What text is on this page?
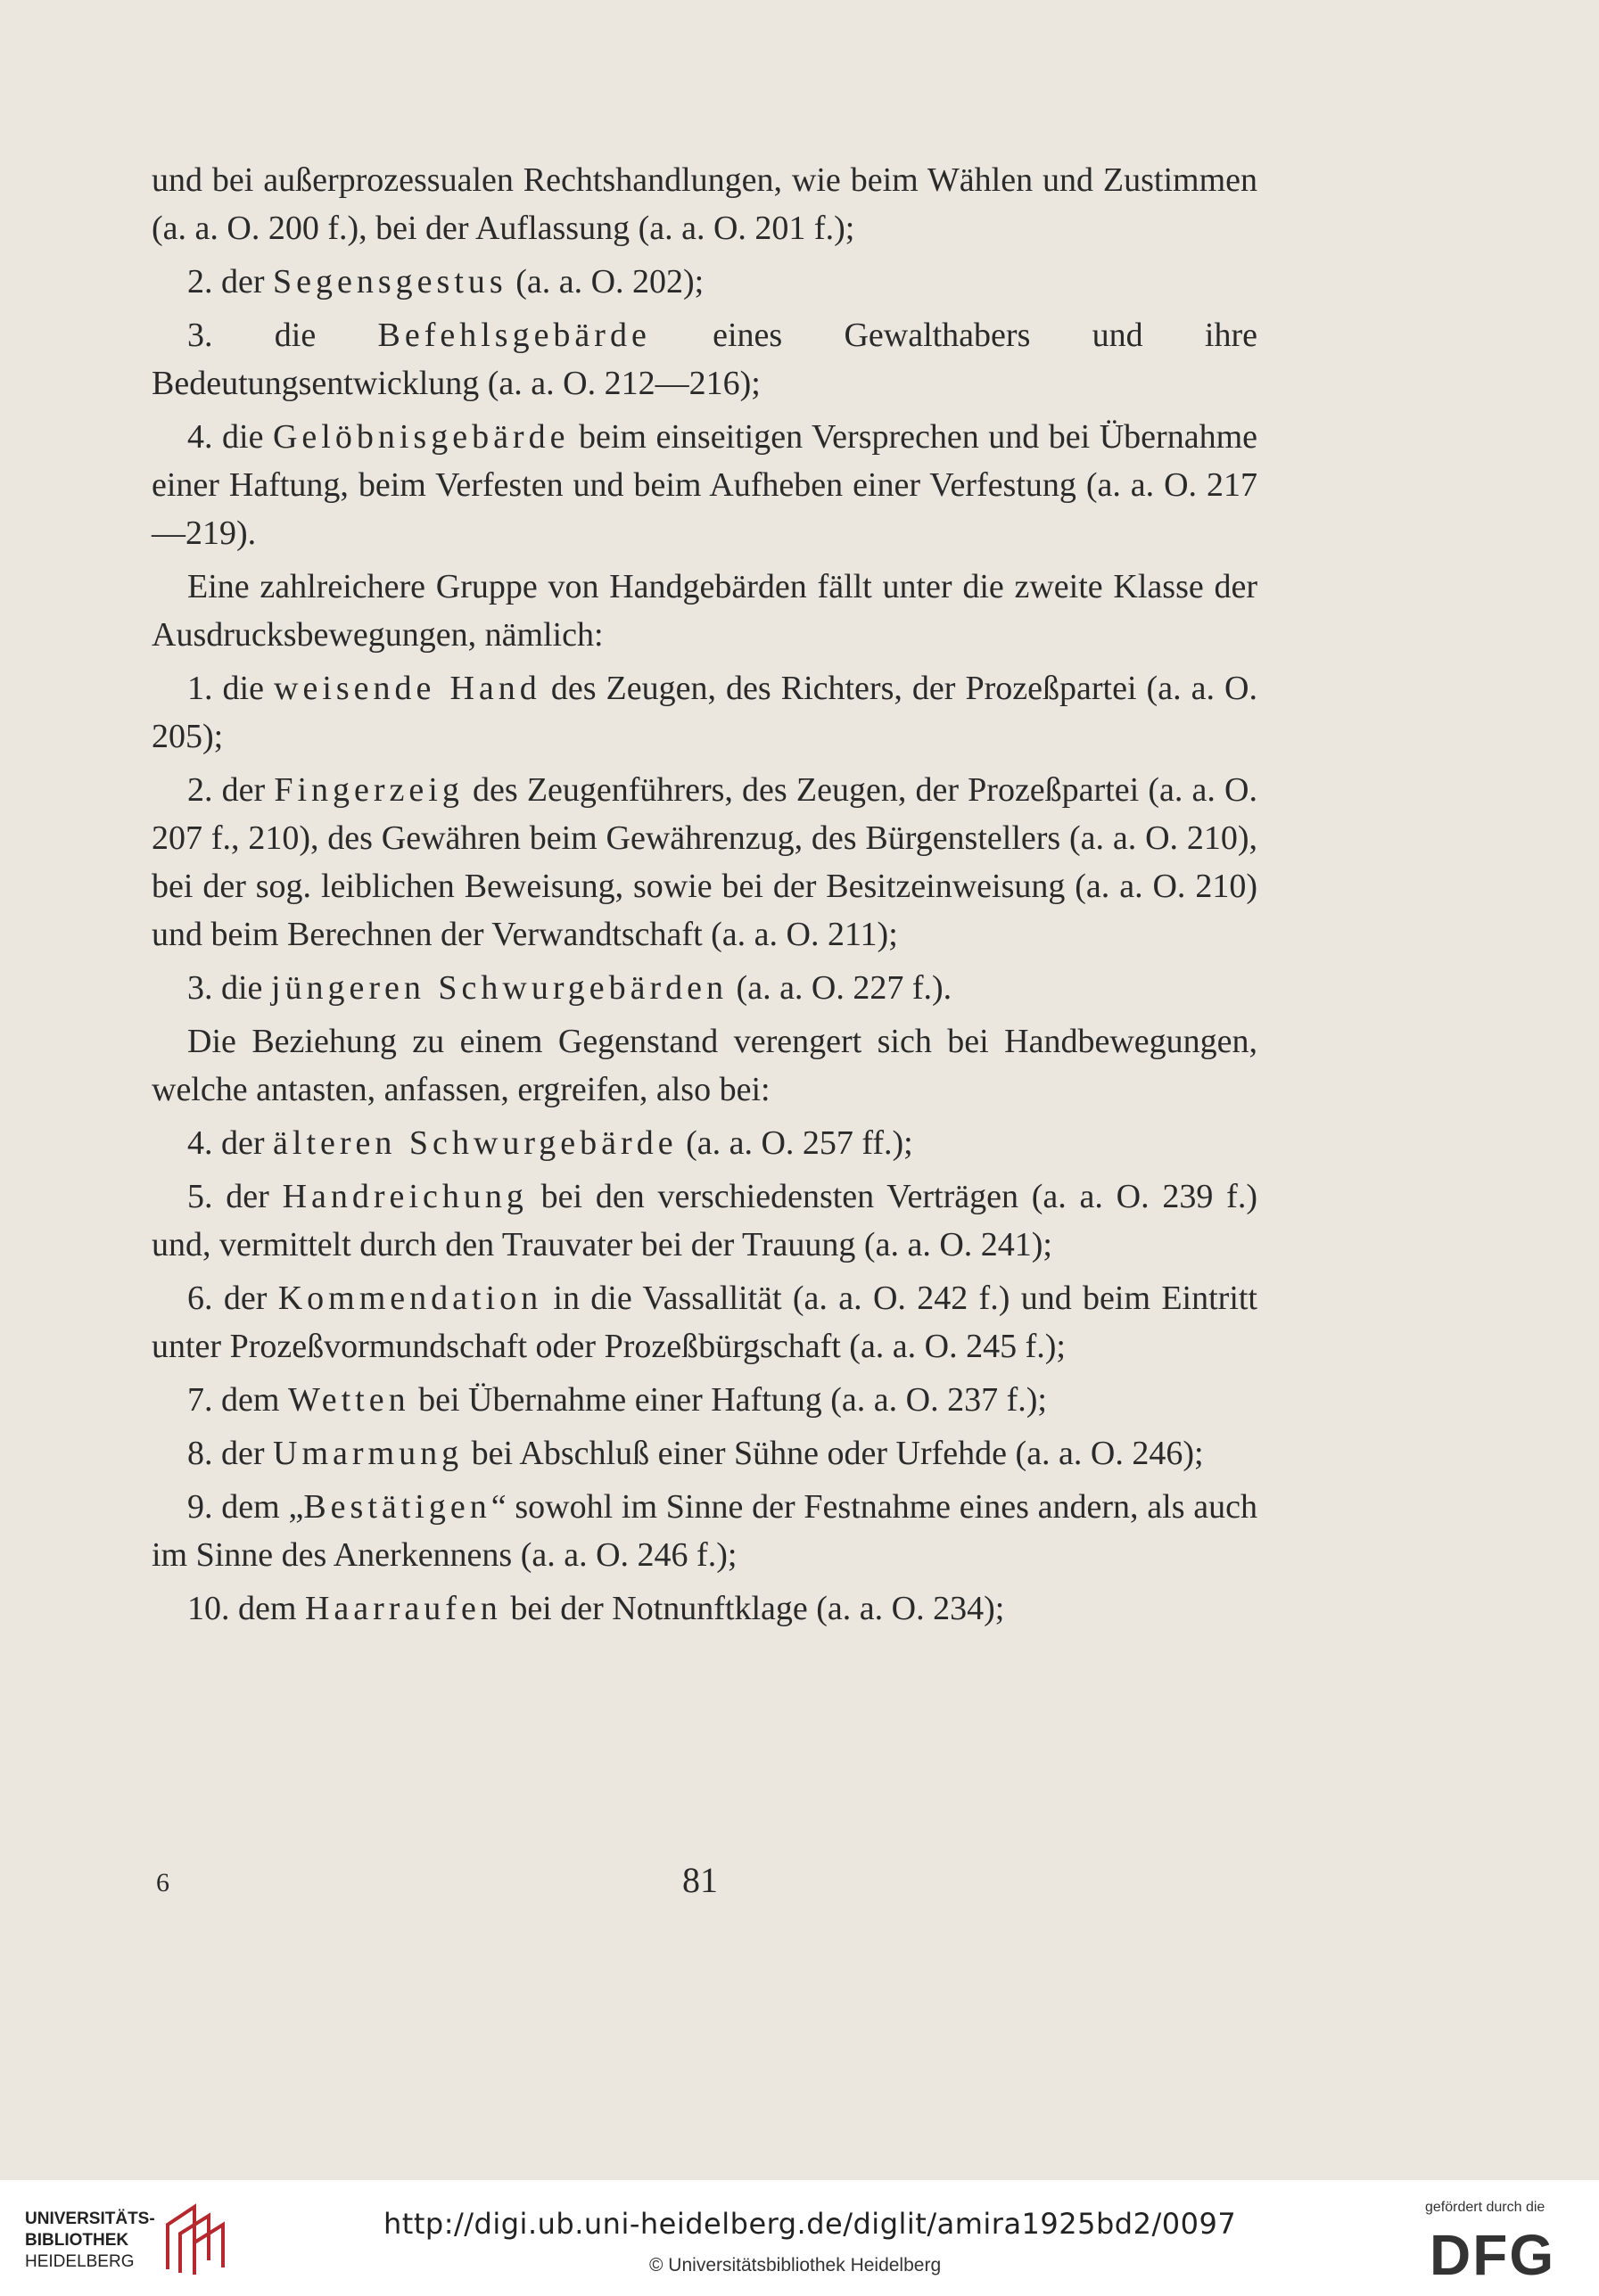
und bei außerprozessualen Rechtshandlungen, wie beim Wählen und Zustimmen (a. a. O. 200 f.), bei der Auflassung (a. a. O. 201 f.);

2. der Segensgestus (a. a. O. 202);

3. die Befehlsgebärde eines Gewalthabers und ihre Bedeutungsentwicklung (a. a. O. 212—216);

4. die Gelöbnisgebärde beim einseitigen Versprechen und bei Übernahme einer Haftung, beim Verfesten und beim Aufheben einer Verfestung (a. a. O. 217—219).

Eine zahlreichere Gruppe von Handgebärden fällt unter die zweite Klasse der Ausdrucksbewegungen, nämlich:

1. die weisende Hand des Zeugen, des Richters, der Prozeßpartei (a. a. O. 205);

2. der Fingerzeig des Zeugenführers, des Zeugen, der Prozeßpartei (a. a. O. 207 f., 210), des Gewähren beim Gewährenzug, des Bürgenstellers (a. a. O. 210), bei der sog. leiblichen Beweisung, sowie bei der Besitzeinweisung (a. a. O. 210) und beim Berechnen der Verwandtschaft (a. a. O. 211);

3. die jüngeren Schwurgebärden (a. a. O. 227 f.).

Die Beziehung zu einem Gegenstand verengert sich bei Handbewegungen, welche antasten, anfassen, ergreifen, also bei:

4. der älteren Schwurgebärde (a. a. O. 257 ff.);

5. der Handreichung bei den verschiedensten Verträgen (a. a. O. 239 f.) und, vermittelt durch den Trauvater bei der Trauung (a. a. O. 241);

6. der Kommendation in die Vassallität (a. a. O. 242 f.) und beim Eintritt unter Prozeßvormundschaft oder Prozeßbürgschaft (a. a. O. 245 f.);

7. dem Wetten bei Übernahme einer Haftung (a. a. O. 237 f.);

8. der Umarmung bei Abschluß einer Sühne oder Urfehde (a. a. O. 246);

9. dem „Bestätigen“ sowohl im Sinne der Festnahme eines andern, als auch im Sinne des Anerkennens (a. a. O. 246 f.);

10. dem Haarraufen bei der Notnunftklage (a. a. O. 234);

6	81
UNIVERSITÄTS-
BIBLIOTHEK
HEIDELBERG
http://digi.ub.uni-heidelberg.de/diglit/amira1925bd2/0097
© Universitätsbibliothek Heidelberg
gefördert durch die
DFG
